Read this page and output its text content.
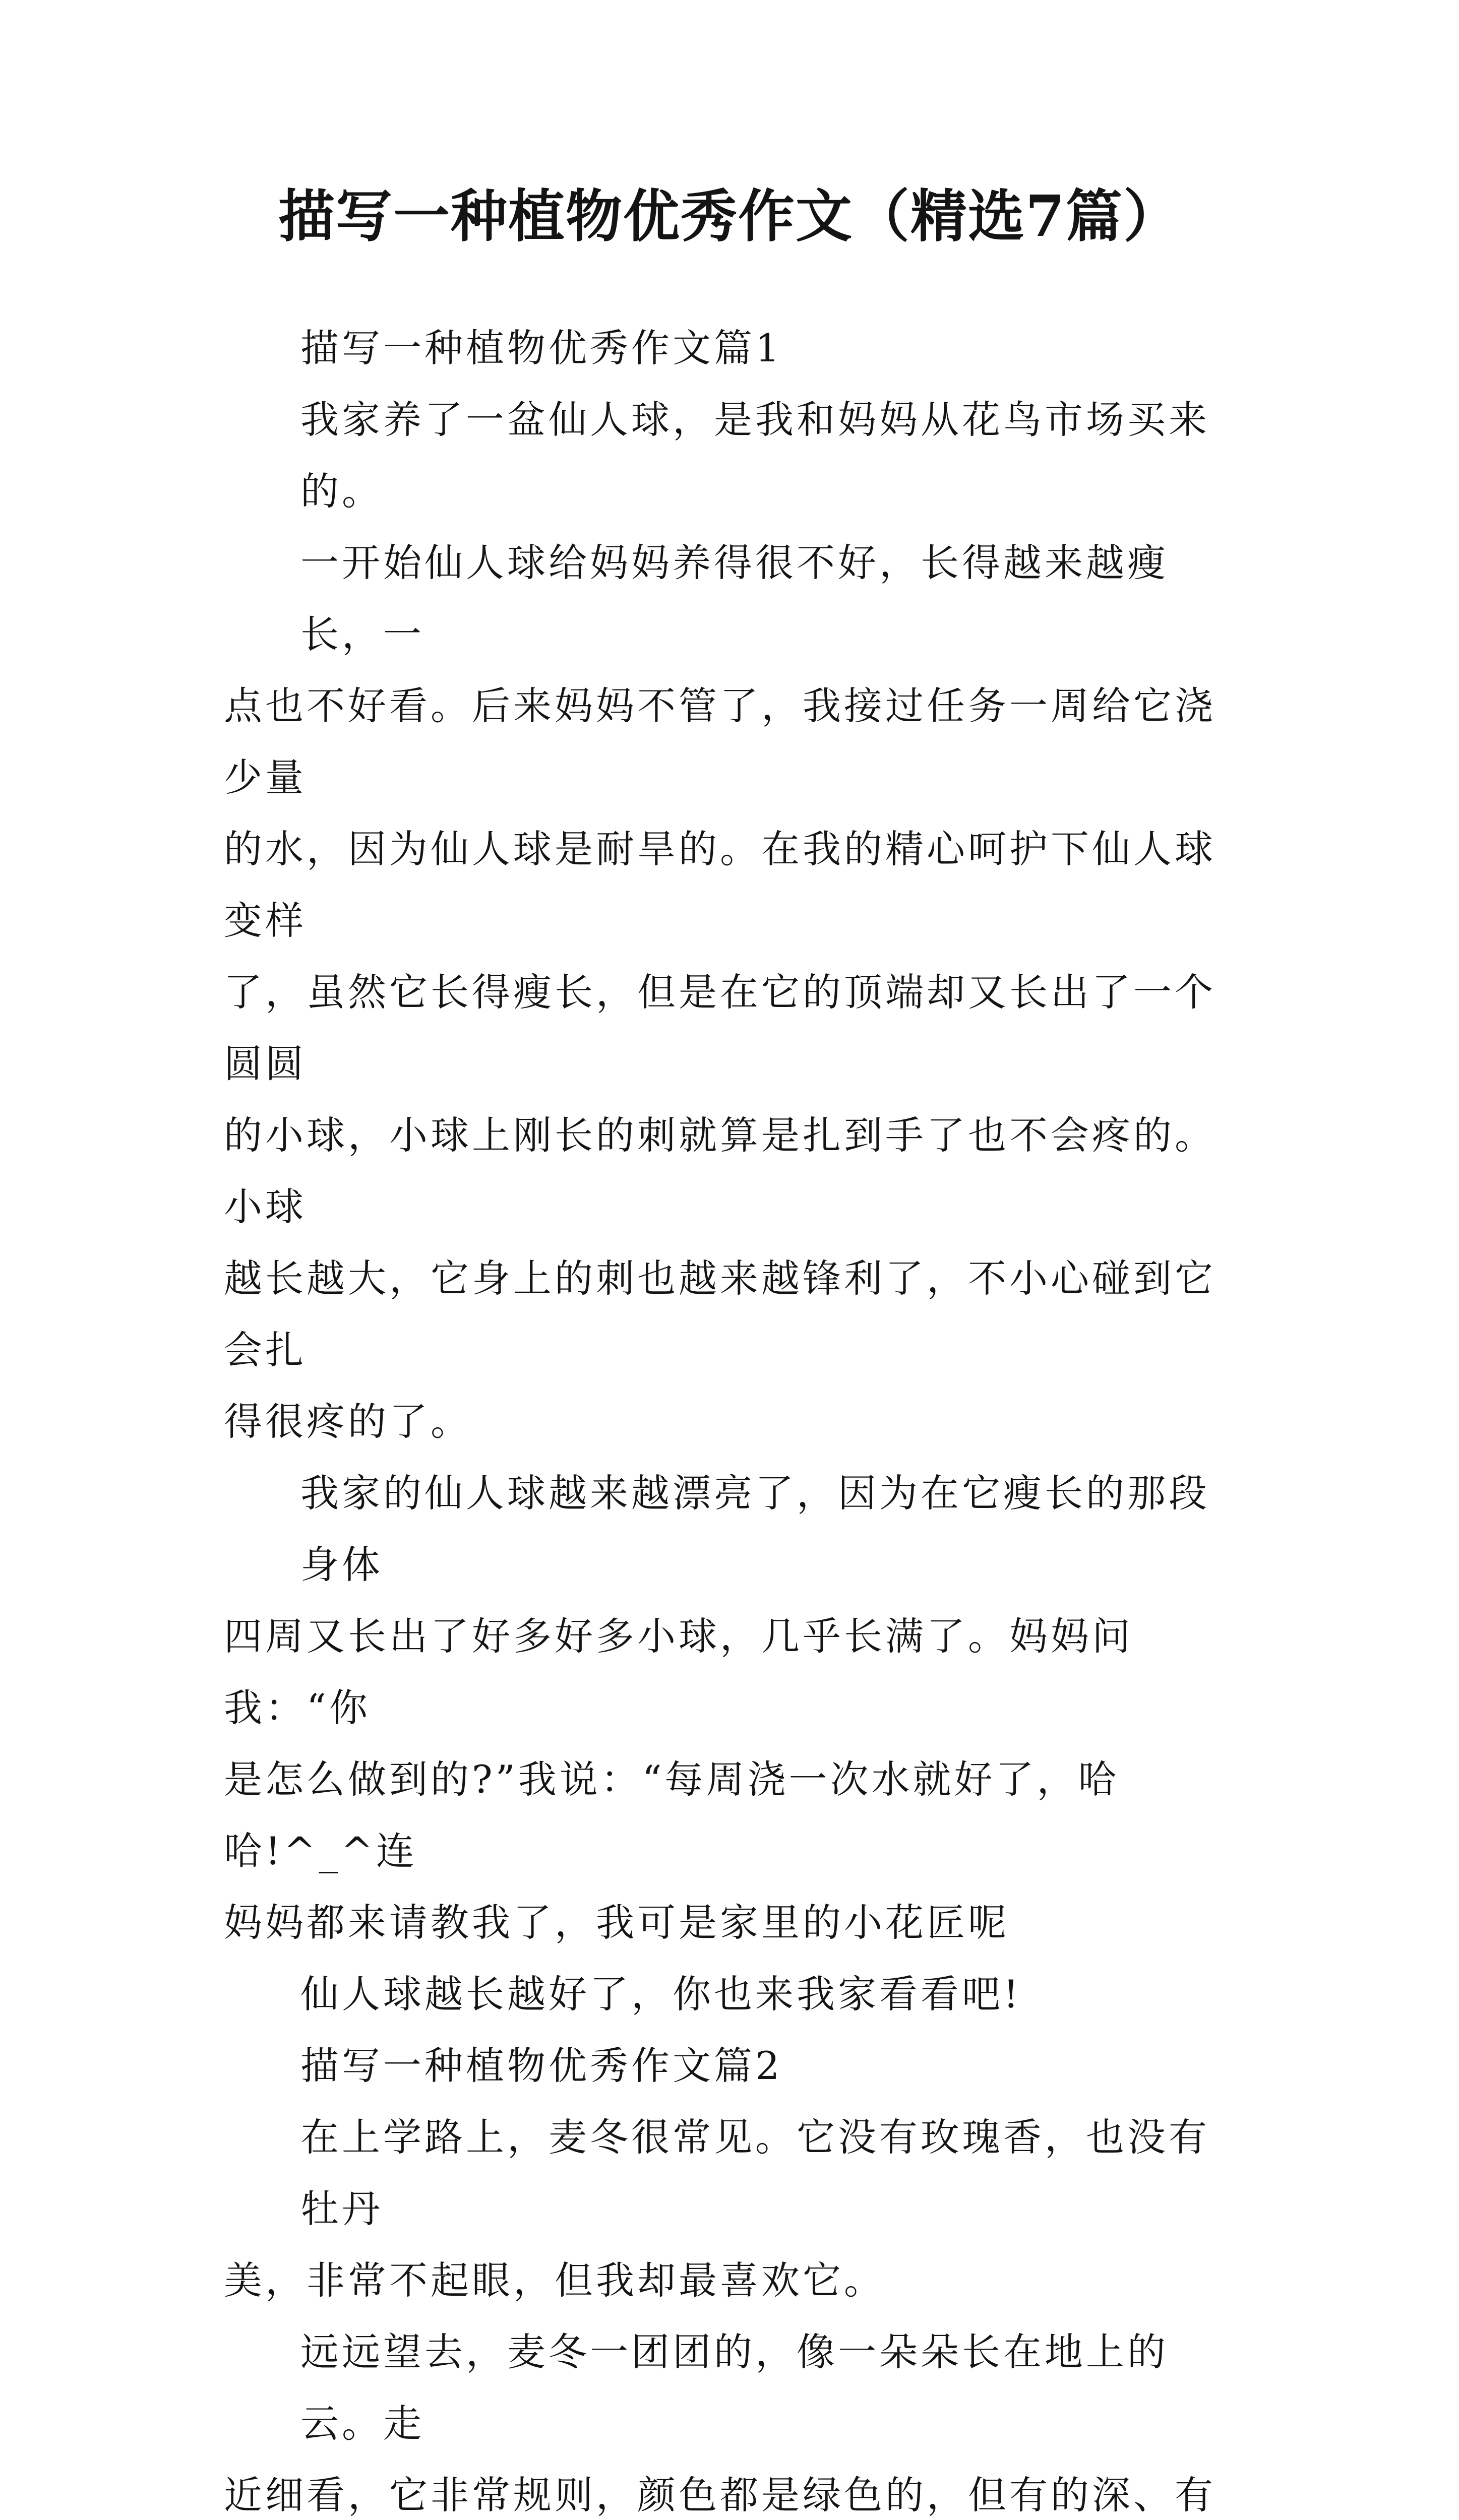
描写一种植物优秀作文（精选7篇）

描写一种植物优秀作文篇1

我家养了一盆仙人球，是我和妈妈从花鸟市场买来的。

一开始仙人球给妈妈养得很不好，长得越来越瘦长，一
点也不好看。后来妈妈不管了，我接过任务一周给它浇少量
的水，因为仙人球是耐旱的。在我的精心呵护下仙人球变样
了，虽然它长得瘦长，但是在它的顶端却又长出了一个圆圆
的小球，小球上刚长的刺就算是扎到手了也不会疼的。小球
越长越大，它身上的刺也越来越锋利了，不小心碰到它会扎
得很疼的了。

我家的仙人球越来越漂亮了，因为在它瘦长的那段身体
四周又长出了好多好多小球，几乎长满了。妈妈问我：“你
是怎么做到的?”我说：“每周浇一次水就好了，哈哈!^_^连
妈妈都来请教我了，我可是家里的小花匠呢

仙人球越长越好了，你也来我家看看吧!

描写一种植物优秀作文篇2

在上学路上，麦冬很常见。它没有玫瑰香，也没有牡丹
美，非常不起眼，但我却最喜欢它。

远远望去，麦冬一团团的，像一朵朵长在地上的云。走
近细看，它非常规则，颜色都是绿色的，但有的深、有
